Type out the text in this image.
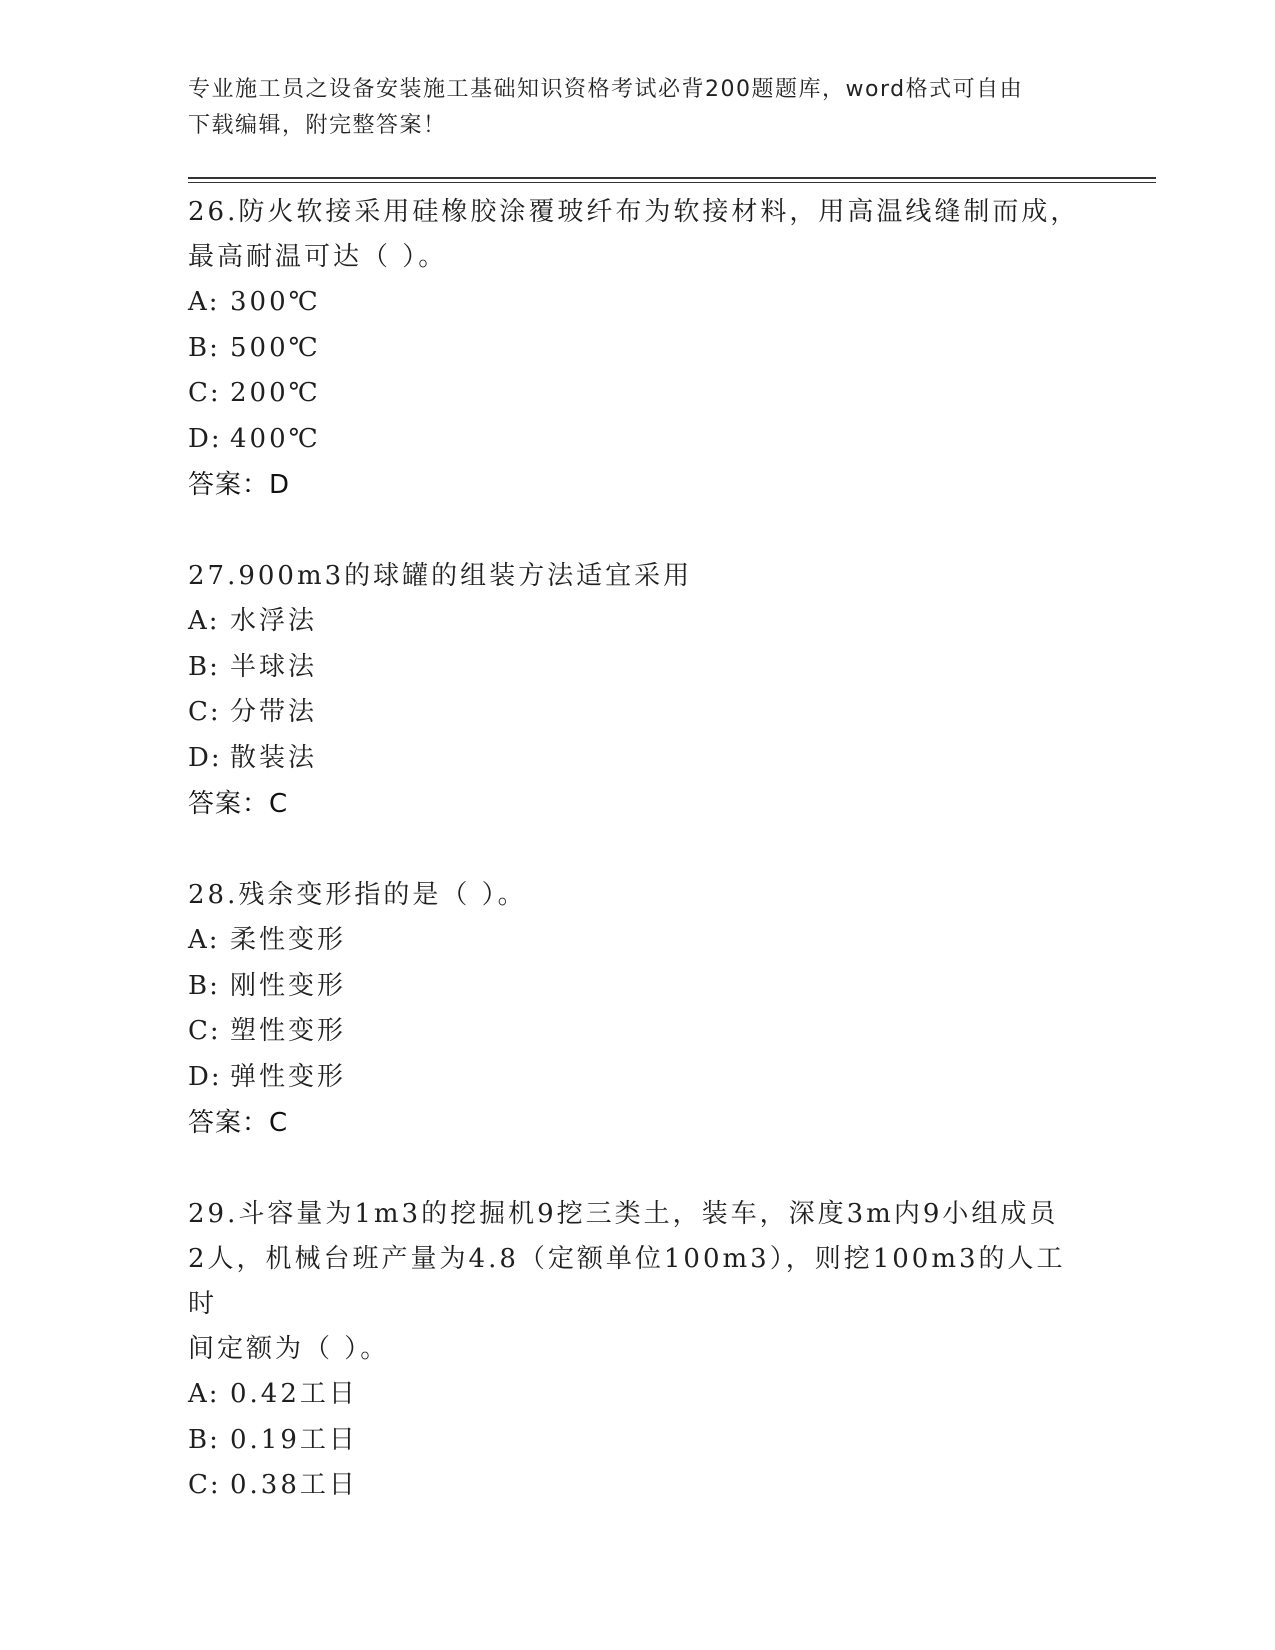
专业施工员之设备安装施工基础知识资格考试必背200题题库，word格式可自由
下载编辑，附完整答案！
26.防火软接采用硅橡胶涂覆玻纤布为软接材料，用高温线缝制而成，
最高耐温可达（ ）。
A: 300℃
B: 500℃
C: 200℃
D: 400℃
答案：D
27.900m3的球罐的组装方法适宜采用
A: 水浮法
B: 半球法
C: 分带法
D: 散装法
答案：C
28.残余变形指的是（ ）。
A: 柔性变形
B: 刚性变形
C: 塑性变形
D: 弹性变形
答案：C
29.斗容量为1m3的挖掘机9挖三类土，装车，深度3m内9小组成员
2人，机械台班产量为4.8（定额单位100m3），则挖100m3的人工时
间定额为（ ）。
A: 0.42工日
B: 0.19工日
C: 0.38工日
